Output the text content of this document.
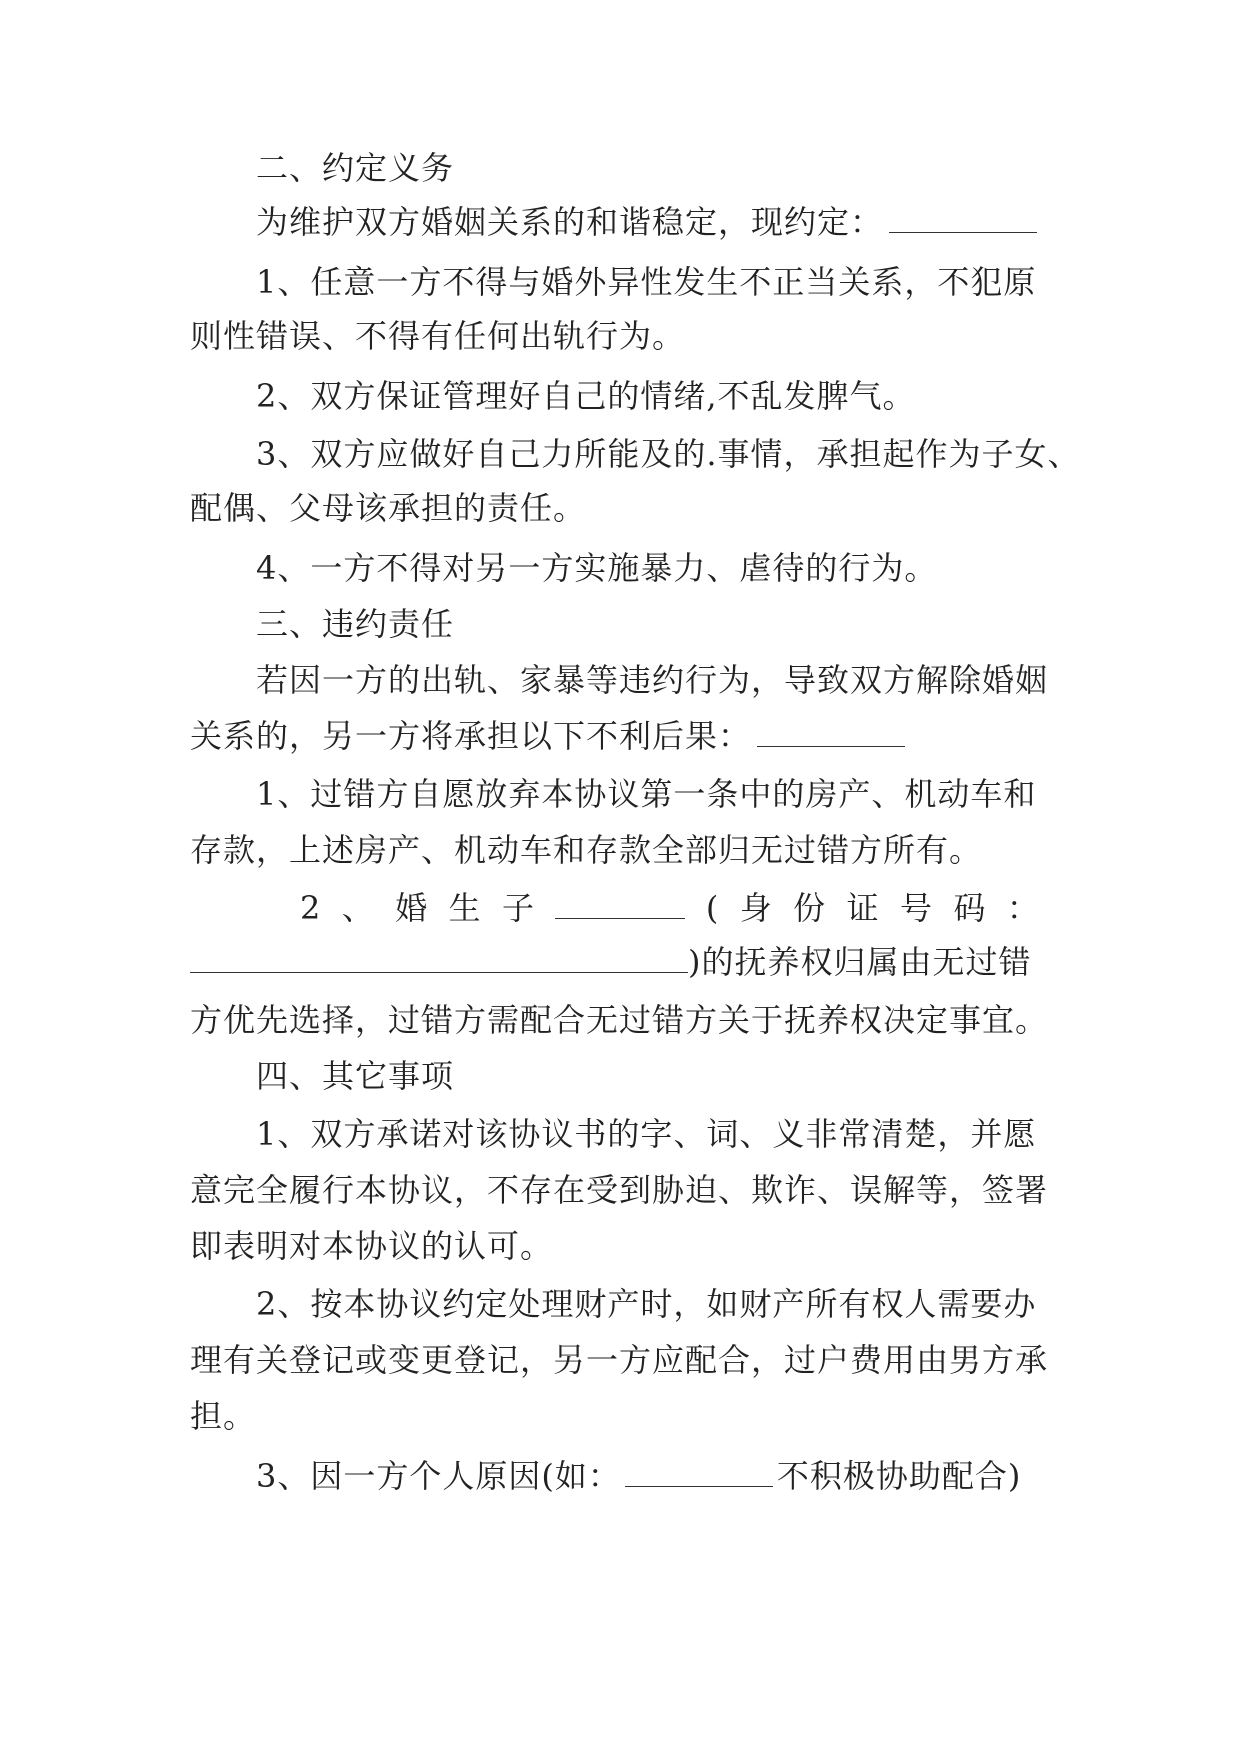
二、约定义务
为维护双方婚姻关系的和谐稳定，现约定：
1、任意一方不得与婚外异性发生不正当关系，不犯原
则性错误、不得有任何出轨行为。
2、双方保证管理好自己的情绪,不乱发脾气。
3、双方应做好自己力所能及的.事情，承担起作为子女、
配偶、父母该承担的责任。
4、一方不得对另一方实施暴力、虐待的行为。
三、违约责任
若因一方的出轨、家暴等违约行为，导致双方解除婚姻
关系的，另一方将承担以下不利后果：
1、过错方自愿放弃本协议第一条中的房产、机动车和
存款，上述房产、机动车和存款全部归无过错方所有。
2 、 婚 生 子	( 身 份 证 号 码 ：
)的抚养权归属由无过错
方优先选择，过错方需配合无过错方关于抚养权决定事宜。
四、其它事项
1、双方承诺对该协议书的字、词、义非常清楚，并愿
意完全履行本协议，不存在受到胁迫、欺诈、误解等，签署
即表明对本协议的认可。
2、按本协议约定处理财产时，如财产所有权人需要办
理有关登记或变更登记，另一方应配合，过户费用由男方承
担。
3、因一方个人原因(如：	不积极协助配合)
